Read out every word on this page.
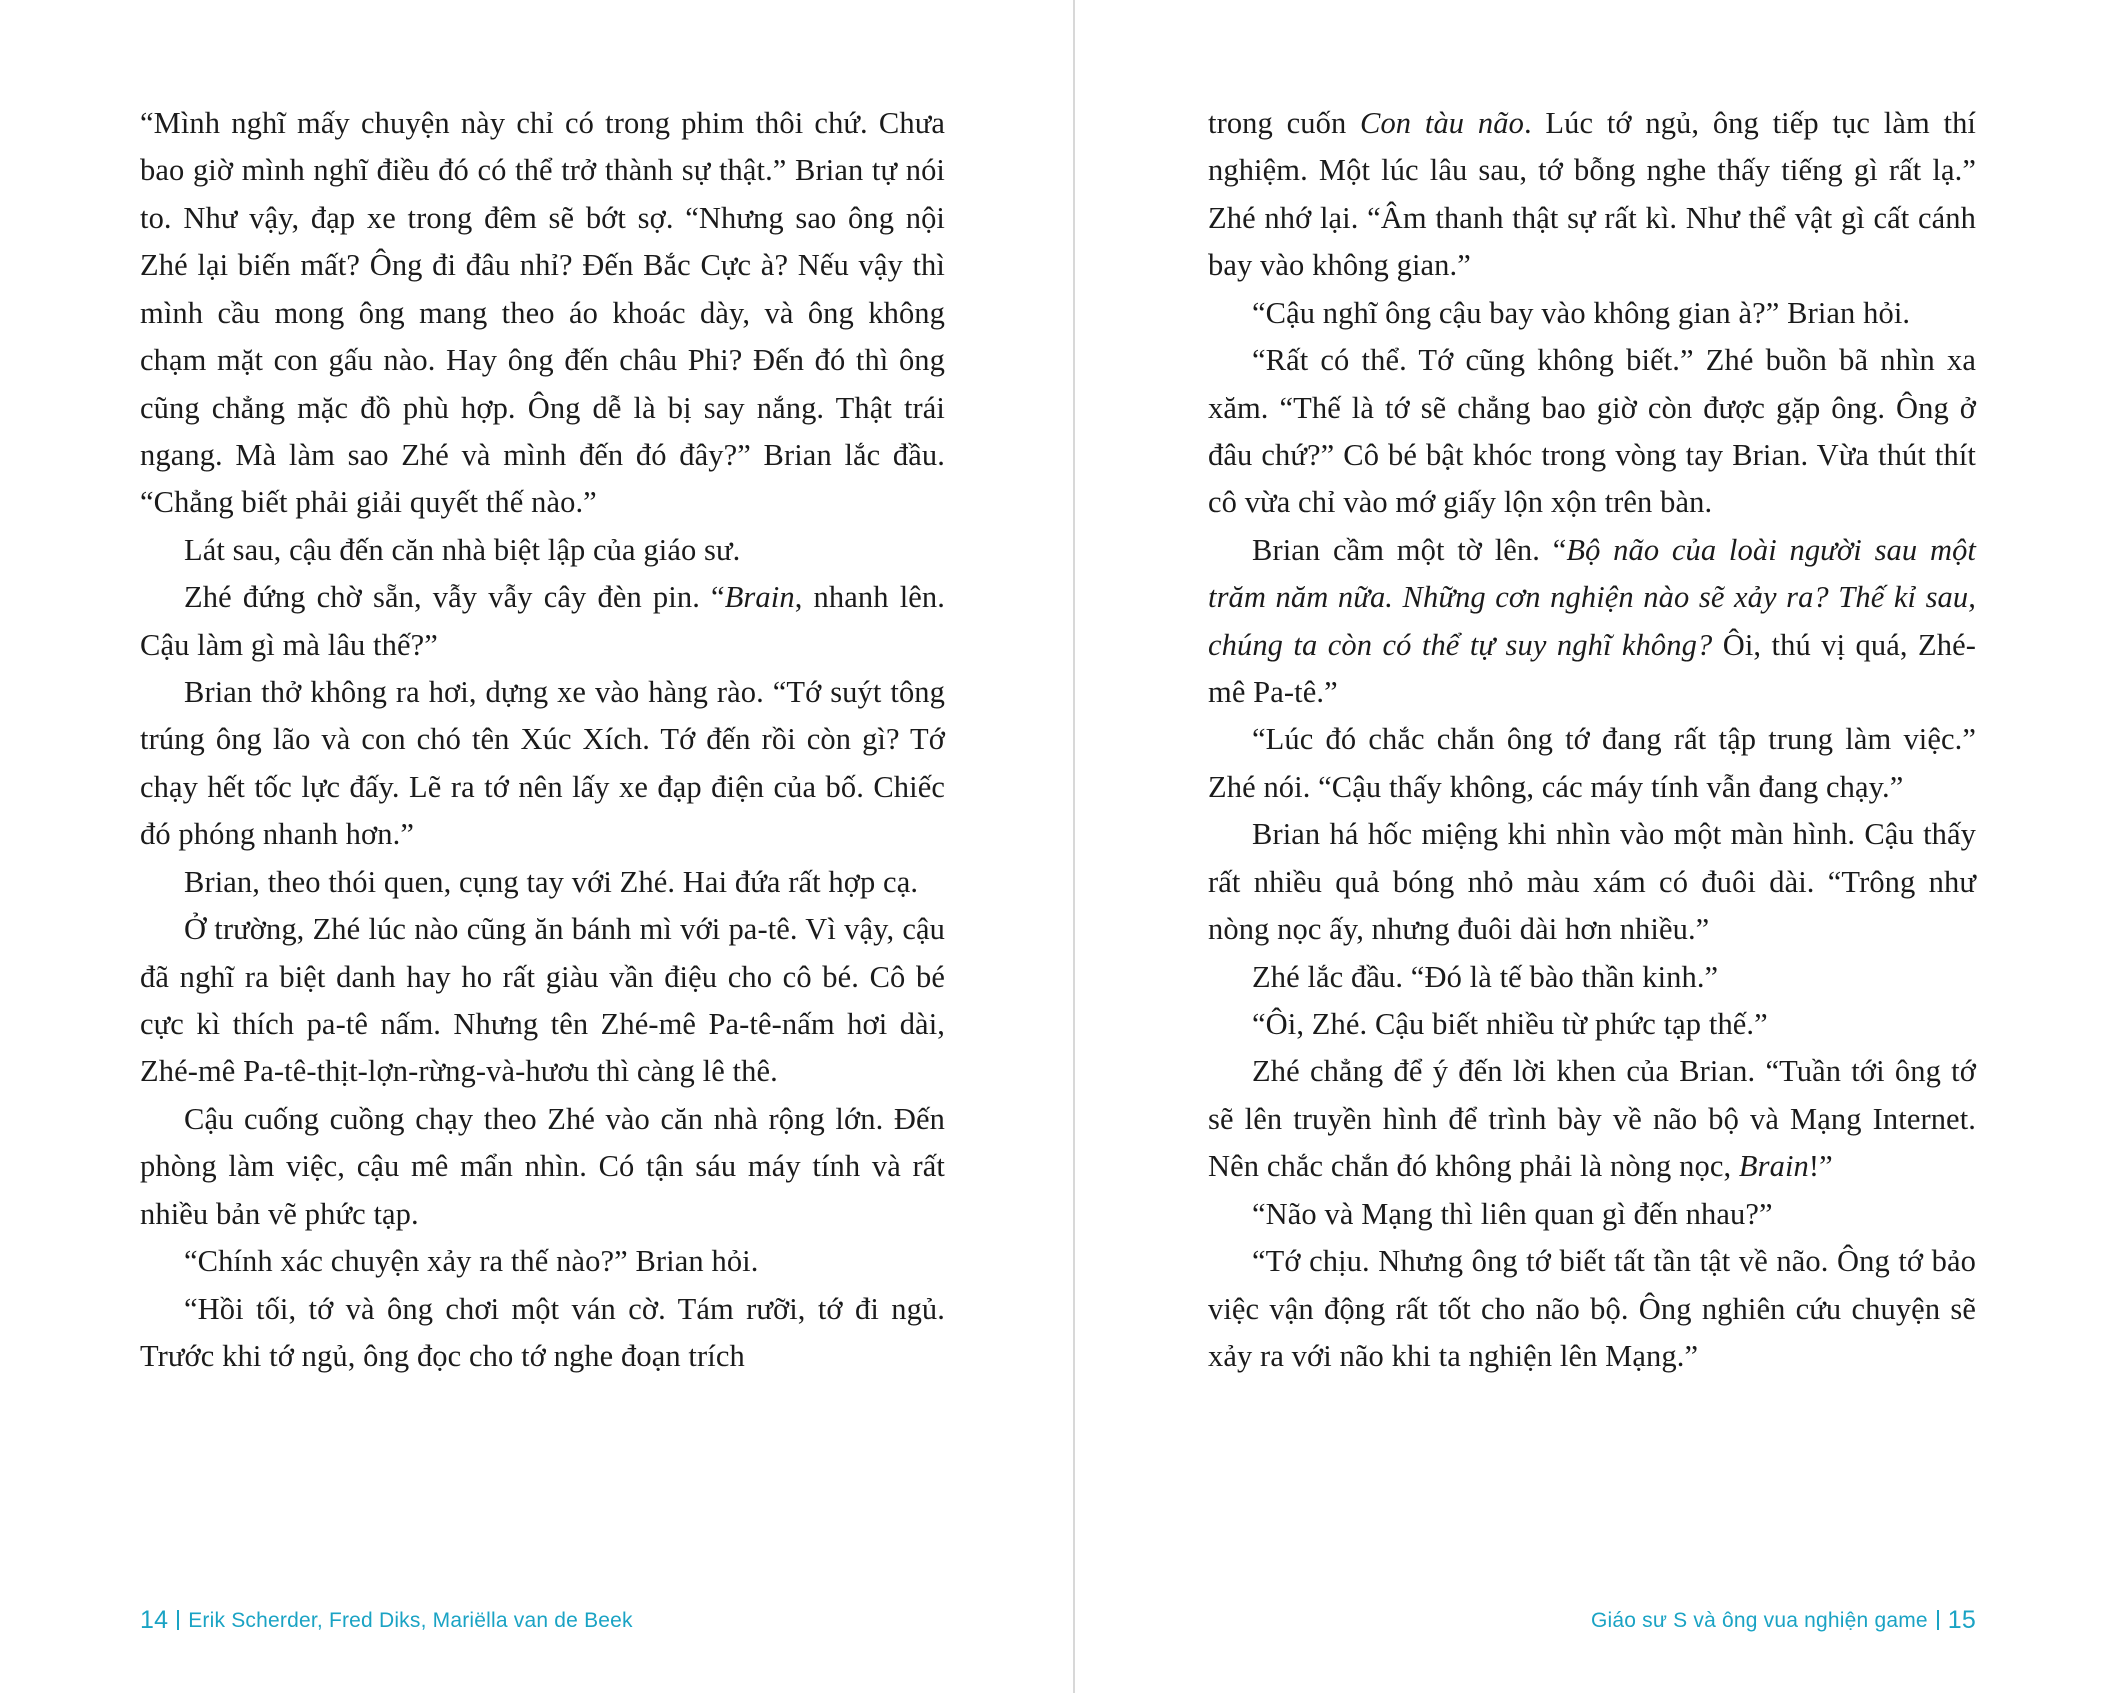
“Mình nghĩ mấy chuyện này chỉ có trong phim thôi chứ. Chưa bao giờ mình nghĩ điều đó có thể trở thành sự thật.” Brian tự nói to. Như vậy, đạp xe trong đêm sẽ bớt sợ. “Nhưng sao ông nội Zhé lại biến mất? Ông đi đâu nhỉ? Đến Bắc Cực à? Nếu vậy thì mình cầu mong ông mang theo áo khoác dày, và ông không chạm mặt con gấu nào. Hay ông đến châu Phi? Đến đó thì ông cũng chẳng mặc đồ phù hợp. Ông dễ là bị say nắng. Thật trái ngang. Mà làm sao Zhé và mình đến đó đây?” Brian lắc đầu. “Chẳng biết phải giải quyết thế nào.”

Lát sau, cậu đến căn nhà biệt lập của giáo sư.

Zhé đứng chờ sẵn, vẫy vẫy cây đèn pin. “Brain, nhanh lên. Cậu làm gì mà lâu thế?”

Brian thở không ra hơi, dựng xe vào hàng rào. “Tớ suýt tông trúng ông lão và con chó tên Xúc Xích. Tớ đến rồi còn gì? Tớ chạy hết tốc lực đấy. Lẽ ra tớ nên lấy xe đạp điện của bố. Chiếc đó phóng nhanh hơn.”

Brian, theo thói quen, cụng tay với Zhé. Hai đứa rất hợp cạ.

Ở trường, Zhé lúc nào cũng ăn bánh mì với pa-tê. Vì vậy, cậu đã nghĩ ra biệt danh hay ho rất giàu vần điệu cho cô bé. Cô bé cực kì thích pa-tê nấm. Nhưng tên Zhé-mê Pa-tê-nấm hơi dài, Zhé-mê Pa-tê-thịt-lợn-rừng-và-hươu thì càng lê thê.

Cậu cuống cuồng chạy theo Zhé vào căn nhà rộng lớn. Đến phòng làm việc, cậu mê mẩn nhìn. Có tận sáu máy tính và rất nhiều bản vẽ phức tạp.

“Chính xác chuyện xảy ra thế nào?” Brian hỏi.

“Hồi tối, tớ và ông chơi một ván cờ. Tám rưỡi, tớ đi ngủ. Trước khi tớ ngủ, ông đọc cho tớ nghe đoạn trích

14 Erik Scherder, Fred Diks, Mariëlla van de Beek

trong cuốn Con tàu não. Lúc tớ ngủ, ông tiếp tục làm thí nghiệm. Một lúc lâu sau, tớ bỗng nghe thấy tiếng gì rất lạ.” Zhé nhớ lại. “Âm thanh thật sự rất kì. Như thể vật gì cất cánh bay vào không gian.”

“Cậu nghĩ ông cậu bay vào không gian à?” Brian hỏi.

“Rất có thể. Tớ cũng không biết.” Zhé buồn bã nhìn xa xăm. “Thế là tớ sẽ chẳng bao giờ còn được gặp ông. Ông ở đâu chứ?” Cô bé bật khóc trong vòng tay Brian. Vừa thút thít cô vừa chỉ vào mớ giấy lộn xộn trên bàn.

Brian cầm một tờ lên. “Bộ não của loài người sau một trăm năm nữa. Những cơn nghiện nào sẽ xảy ra? Thế kỉ sau, chúng ta còn có thể tự suy nghĩ không? Ôi, thú vị quá, Zhé-mê Pa-tê.”

“Lúc đó chắc chắn ông tớ đang rất tập trung làm việc.” Zhé nói. “Cậu thấy không, các máy tính vẫn đang chạy.”

Brian há hốc miệng khi nhìn vào một màn hình. Cậu thấy rất nhiều quả bóng nhỏ màu xám có đuôi dài. “Trông như nòng nọc ấy, nhưng đuôi dài hơn nhiều.”

Zhé lắc đầu. “Đó là tế bào thần kinh.”

“Ôi, Zhé. Cậu biết nhiều từ phức tạp thế.”

Zhé chẳng để ý đến lời khen của Brian. “Tuần tới ông tớ sẽ lên truyền hình để trình bày về não bộ và Mạng Internet. Nên chắc chắn đó không phải là nòng nọc, Brain!”

“Não và Mạng thì liên quan gì đến nhau?”

“Tớ chịu. Nhưng ông tớ biết tất tần tật về não. Ông tớ bảo việc vận động rất tốt cho não bộ. Ông nghiên cứu chuyện sẽ xảy ra với não khi ta nghiện lên Mạng.”

Giáo sư S và ông vua nghiện game 15
